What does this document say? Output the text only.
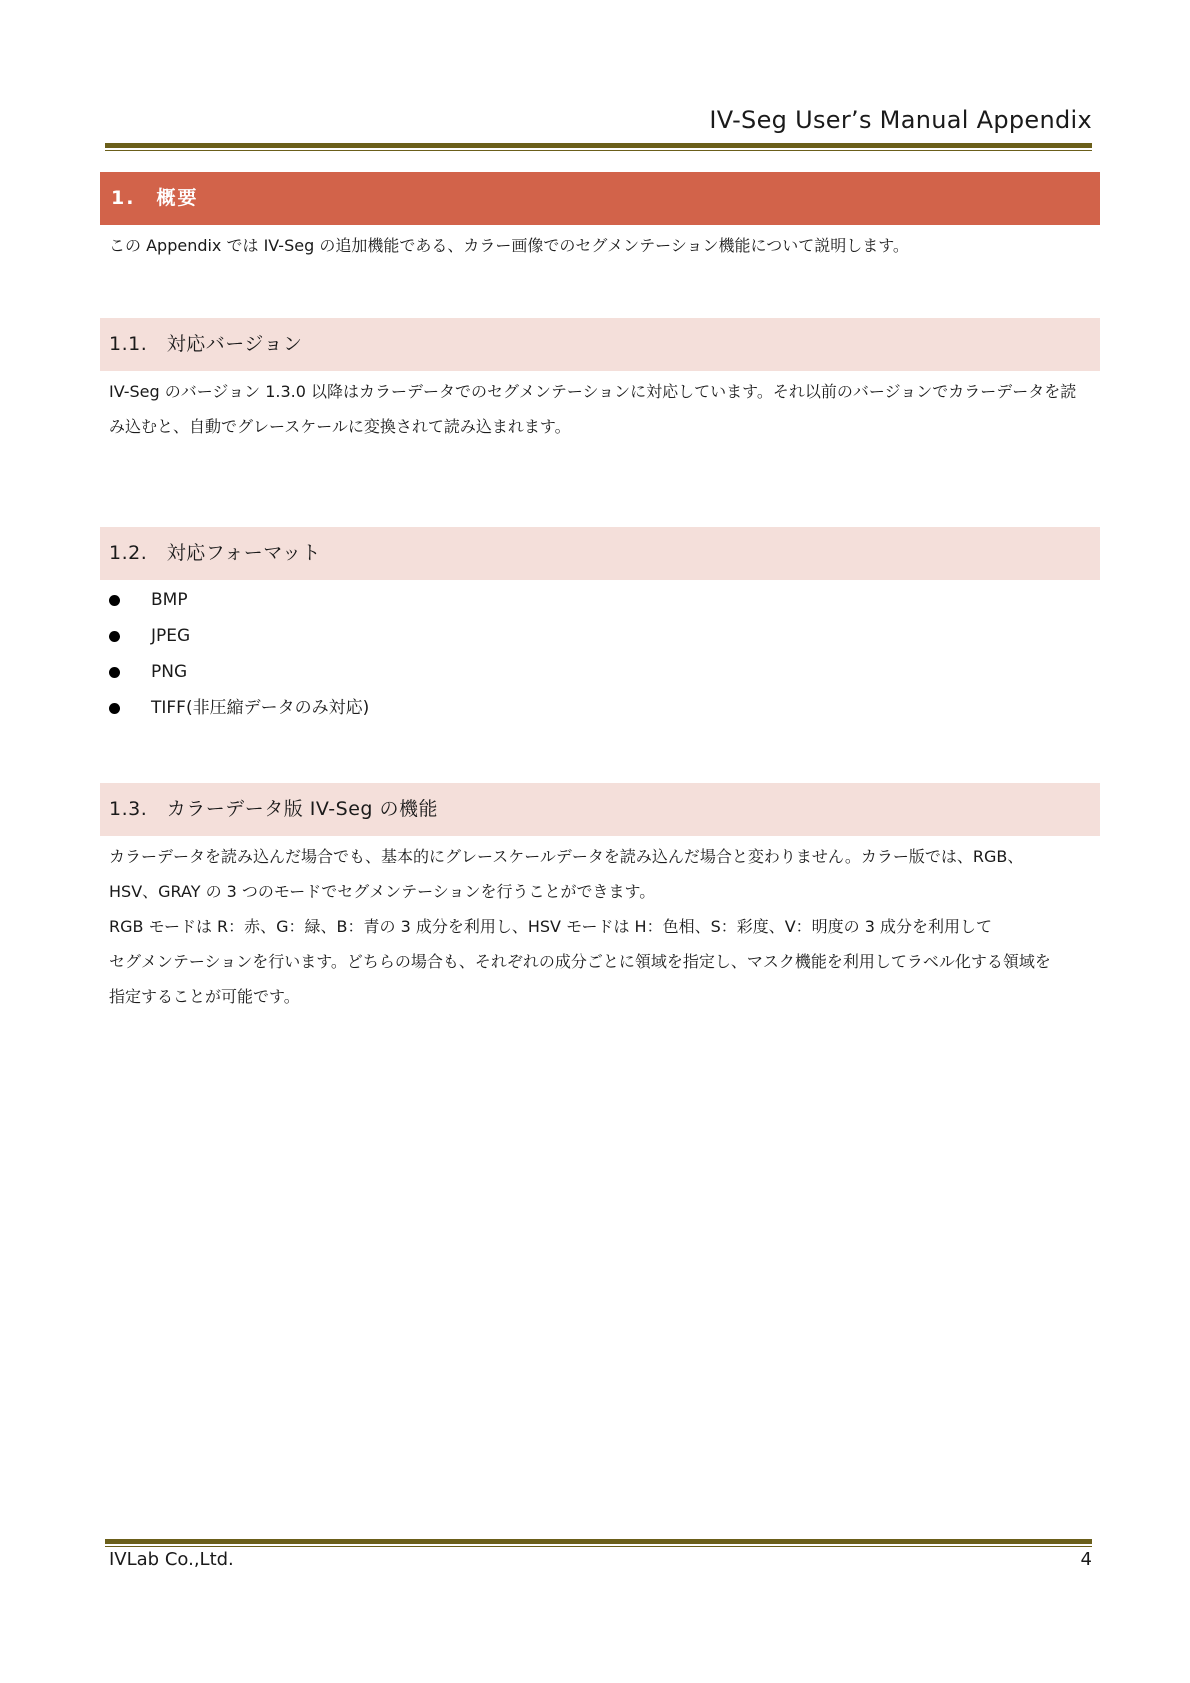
IV-Seg User’s Manual Appendix
1.　概要

この Appendix では IV-Seg の追加機能である、カラー画像でのセグメンテーション機能について説明します。

1.1.　対応バージョン

IV-Seg のバージョン 1.3.0 以降はカラーデータでのセグメンテーションに対応しています。それ以前のバージョンでカラーデータを読

み込むと、自動でグレースケールに変換されて読み込まれます。

1.2.　対応フォーマット
BMP
JPEG
PNG
TIFF(非圧縮データのみ対応)
1.3.　カラーデータ版 IV-Seg の機能

カラーデータを読み込んだ場合でも、基本的にグレースケールデータを読み込んだ場合と変わりません。カラー版では、RGB、

HSV、GRAY の 3 つのモードでセグメンテーションを行うことができます。

RGB モードは R：赤、G：緑、B：青の 3 成分を利用し、HSV モードは H：色相、S：彩度、V：明度の 3 成分を利用して

セグメンテーションを行います。どちらの場合も、それぞれの成分ごとに領域を指定し、マスク機能を利用してラベル化する領域を

指定することが可能です。

IVLab Co.,Ltd.	4
